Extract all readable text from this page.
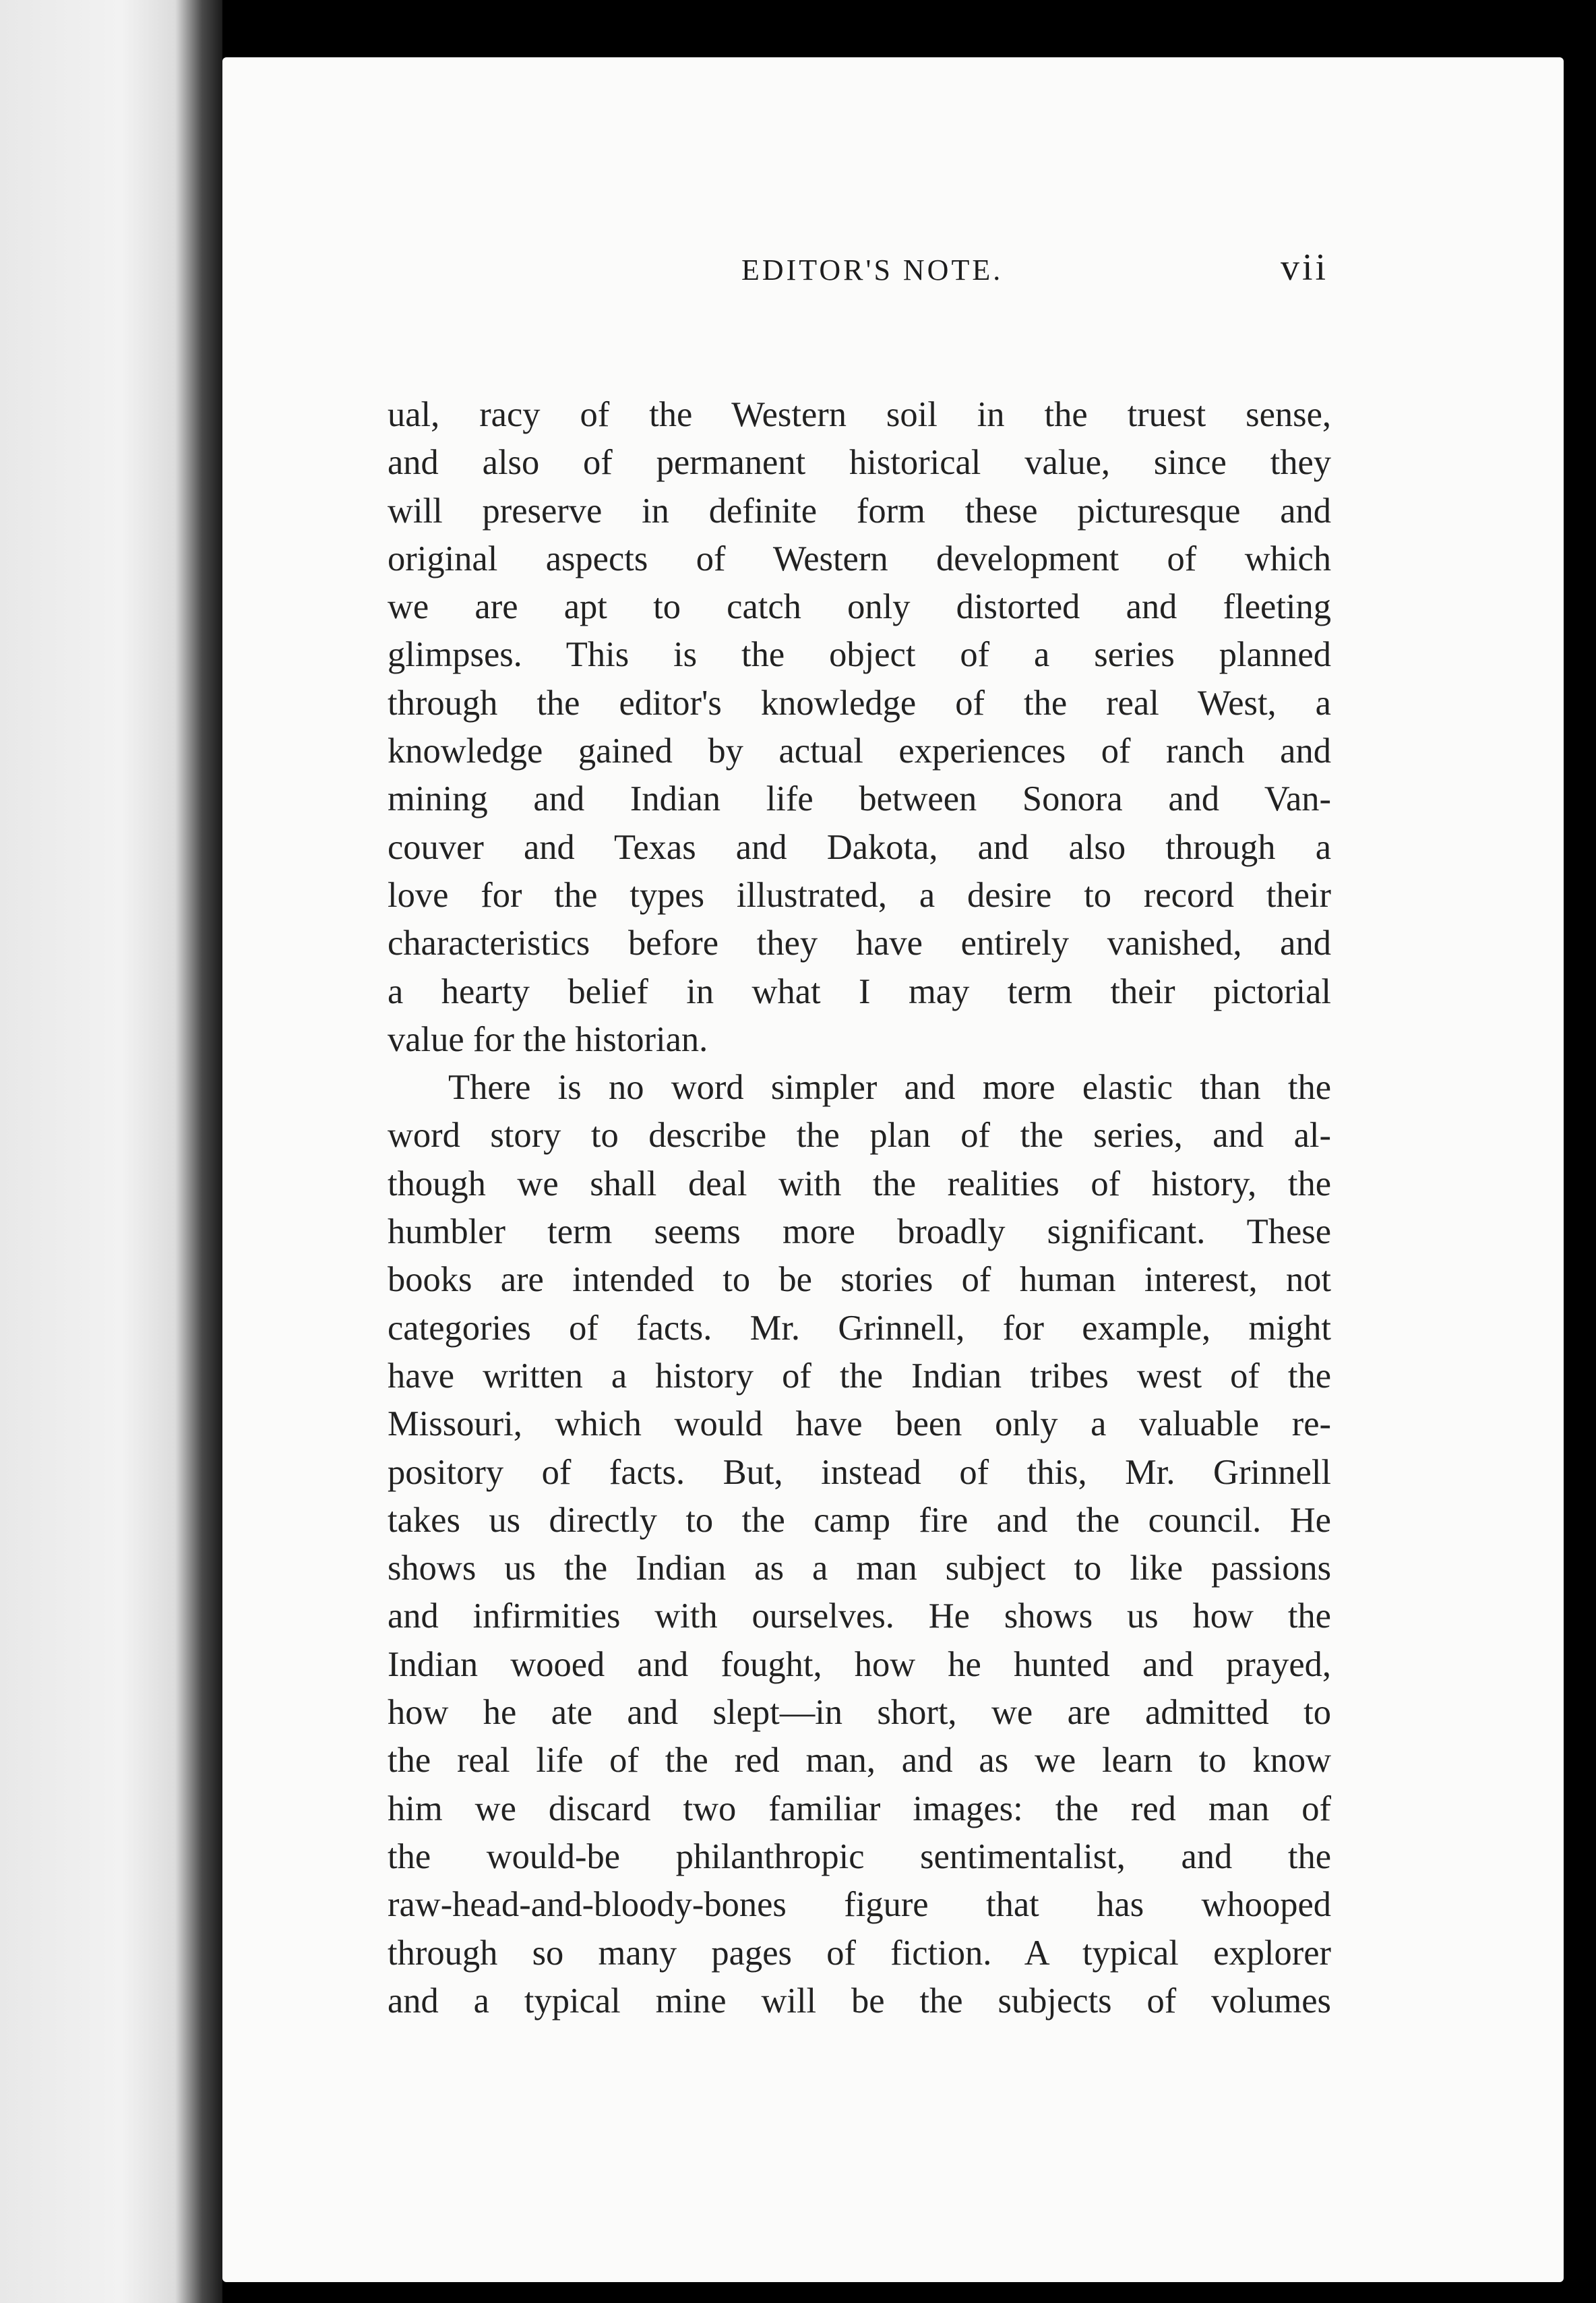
EDITOR'S NOTE.	vii
ual, racy of the Western soil in the truest sense,
and also of permanent historical value, since they
will preserve in definite form these picturesque and
original aspects of Western development of which
we are apt to catch only distorted and fleeting
glimpses. This is the object of a series planned
through the editor's knowledge of the real West, a
knowledge gained by actual experiences of ranch and
mining and Indian life between Sonora and Van-
couver and Texas and Dakota, and also through a
love for the types illustrated, a desire to record their
characteristics before they have entirely vanished, and
a hearty belief in what I may term their pictorial
value for the historian.
There is no word simpler and more elastic than the
word story to describe the plan of the series, and al-
though we shall deal with the realities of history, the
humbler term seems more broadly significant. These
books are intended to be stories of human interest, not
categories of facts. Mr. Grinnell, for example, might
have written a history of the Indian tribes west of the
Missouri, which would have been only a valuable re-
pository of facts. But, instead of this, Mr. Grinnell
takes us directly to the camp fire and the council. He
shows us the Indian as a man subject to like passions
and infirmities with ourselves. He shows us how the
Indian wooed and fought, how he hunted and prayed,
how he ate and slept—in short, we are admitted to
the real life of the red man, and as we learn to know
him we discard two familiar images: the red man of
the would-be philanthropic sentimentalist, and the
raw-head-and-bloody-bones figure that has whooped
through so many pages of fiction. A typical explorer
and a typical mine will be the subjects of volumes
